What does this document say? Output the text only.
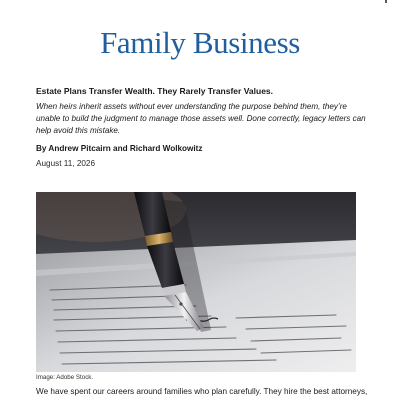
Family Business
Estate Plans Transfer Wealth. They Rarely Transfer Values.
When heirs inherit assets without ever understanding the purpose behind them, they’re unable to build the judgment to manage those assets well. Done correctly, legacy letters can help avoid this mistake.
By Andrew Pitcairn and Richard Wolkowitz
August 11, 2026
Image: Adobe Stock.
We have spent our careers around families who plan carefully. They hire the best attorneys,
